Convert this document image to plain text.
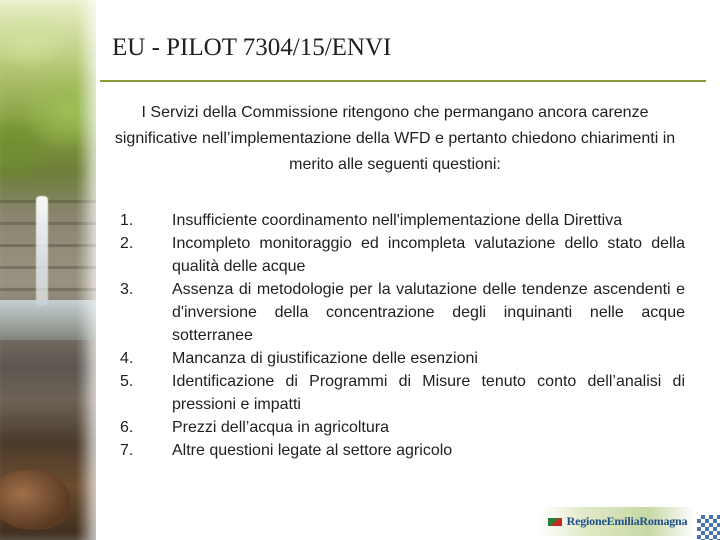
EU - PILOT 7304/15/ENVI
I Servizi della Commissione ritengono che permangano ancora carenze significative nell’implementazione della WFD e pertanto chiedono chiarimenti in merito alle seguenti questioni:
1.	Insufficiente coordinamento nell'implementazione della Direttiva
2.	Incompleto monitoraggio ed incompleta valutazione dello stato della qualità delle acque
3.	Assenza di metodologie per la valutazione delle tendenze ascendenti e d'inversione della concentrazione degli inquinanti nelle acque sotterranee
4.	Mancanza di giustificazione delle esenzioni
5.	Identificazione di Programmi di Misure tenuto conto dell’analisi di pressioni e impatti
6.	Prezzi dell’acqua in agricoltura
7.	Altre questioni legate al settore agricolo
RegioneEmiliaRomagna
